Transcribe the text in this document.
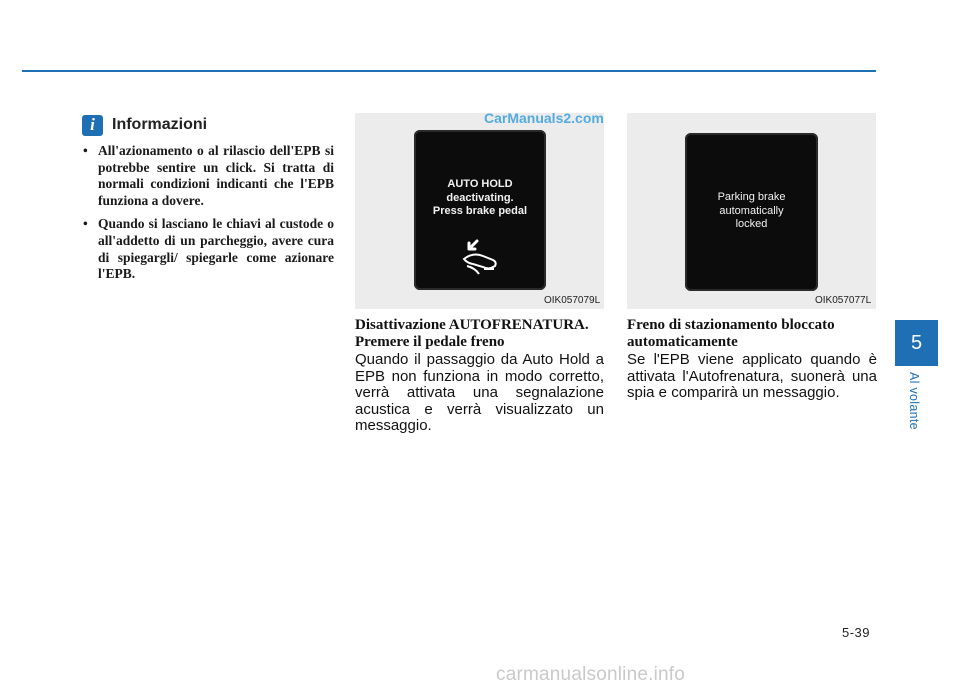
i	Informazioni
• All'azionamento o al rilascio dell'EPB si potrebbe sentire un click. Si tratta di normali condizioni indicanti che l'EPB funziona a dovere.
• Quando si lasciano le chiavi al custode o all'addetto di un parcheggio, avere cura di spiegargli/ spiegarle come azionare l'EPB.
AUTO HOLD
deactivating.
Press brake pedal
OIK057079L
Parking brake
automatically
locked
OIK057077L
CarManuals2.com
Disattivazione AUTOFRENATURA. Premere il pedale freno

Quando il passaggio da Auto Hold a EPB non funziona in modo corretto, verrà attivata una segnalazione acustica e verrà visualizzato un messaggio.

Freno di stazionamento bloccato automaticamente

Se l'EPB viene applicato quando è attivata l'Autofrenatura, suonerà una spia e comparirà un messaggio.

5
Al volante
5-39
carmanualsonline.info
